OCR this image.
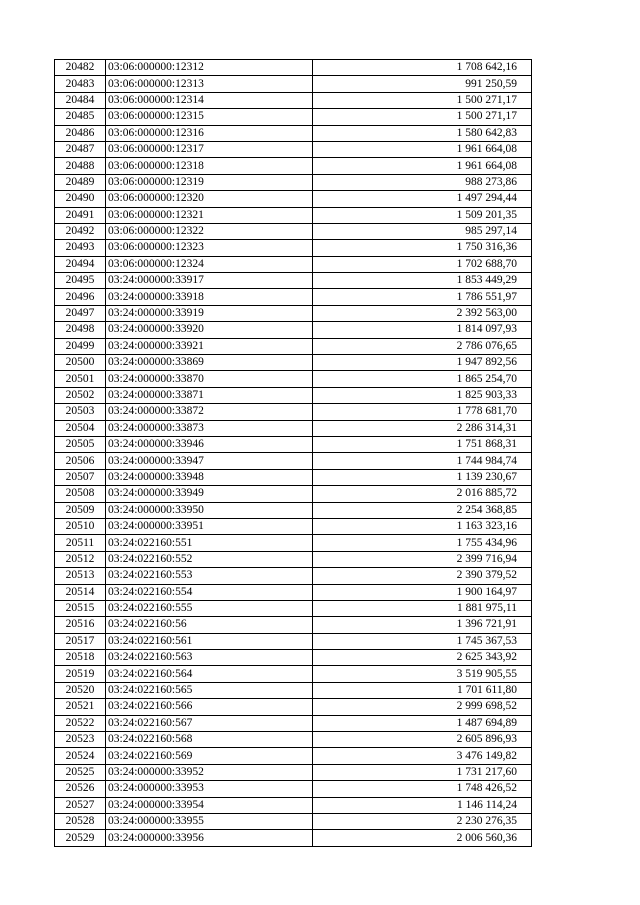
20482	03:06:000000:12312	1 708 642,16
20483	03:06:000000:12313	991 250,59
20484	03:06:000000:12314	1 500 271,17
20485	03:06:000000:12315	1 500 271,17
20486	03:06:000000:12316	1 580 642,83
20487	03:06:000000:12317	1 961 664,08
20488	03:06:000000:12318	1 961 664,08
20489	03:06:000000:12319	988 273,86
20490	03:06:000000:12320	1 497 294,44
20491	03:06:000000:12321	1 509 201,35
20492	03:06:000000:12322	985 297,14
20493	03:06:000000:12323	1 750 316,36
20494	03:06:000000:12324	1 702 688,70
20495	03:24:000000:33917	1 853 449,29
20496	03:24:000000:33918	1 786 551,97
20497	03:24:000000:33919	2 392 563,00
20498	03:24:000000:33920	1 814 097,93
20499	03:24:000000:33921	2 786 076,65
20500	03:24:000000:33869	1 947 892,56
20501	03:24:000000:33870	1 865 254,70
20502	03:24:000000:33871	1 825 903,33
20503	03:24:000000:33872	1 778 681,70
20504	03:24:000000:33873	2 286 314,31
20505	03:24:000000:33946	1 751 868,31
20506	03:24:000000:33947	1 744 984,74
20507	03:24:000000:33948	1 139 230,67
20508	03:24:000000:33949	2 016 885,72
20509	03:24:000000:33950	2 254 368,85
20510	03:24:000000:33951	1 163 323,16
20511	03:24:022160:551	1 755 434,96
20512	03:24:022160:552	2 399 716,94
20513	03:24:022160:553	2 390 379,52
20514	03:24:022160:554	1 900 164,97
20515	03:24:022160:555	1 881 975,11
20516	03:24:022160:56	1 396 721,91
20517	03:24:022160:561	1 745 367,53
20518	03:24:022160:563	2 625 343,92
20519	03:24:022160:564	3 519 905,55
20520	03:24:022160:565	1 701 611,80
20521	03:24:022160:566	2 999 698,52
20522	03:24:022160:567	1 487 694,89
20523	03:24:022160:568	2 605 896,93
20524	03:24:022160:569	3 476 149,82
20525	03:24:000000:33952	1 731 217,60
20526	03:24:000000:33953	1 748 426,52
20527	03:24:000000:33954	1 146 114,24
20528	03:24:000000:33955	2 230 276,35
20529	03:24:000000:33956	2 006 560,36
